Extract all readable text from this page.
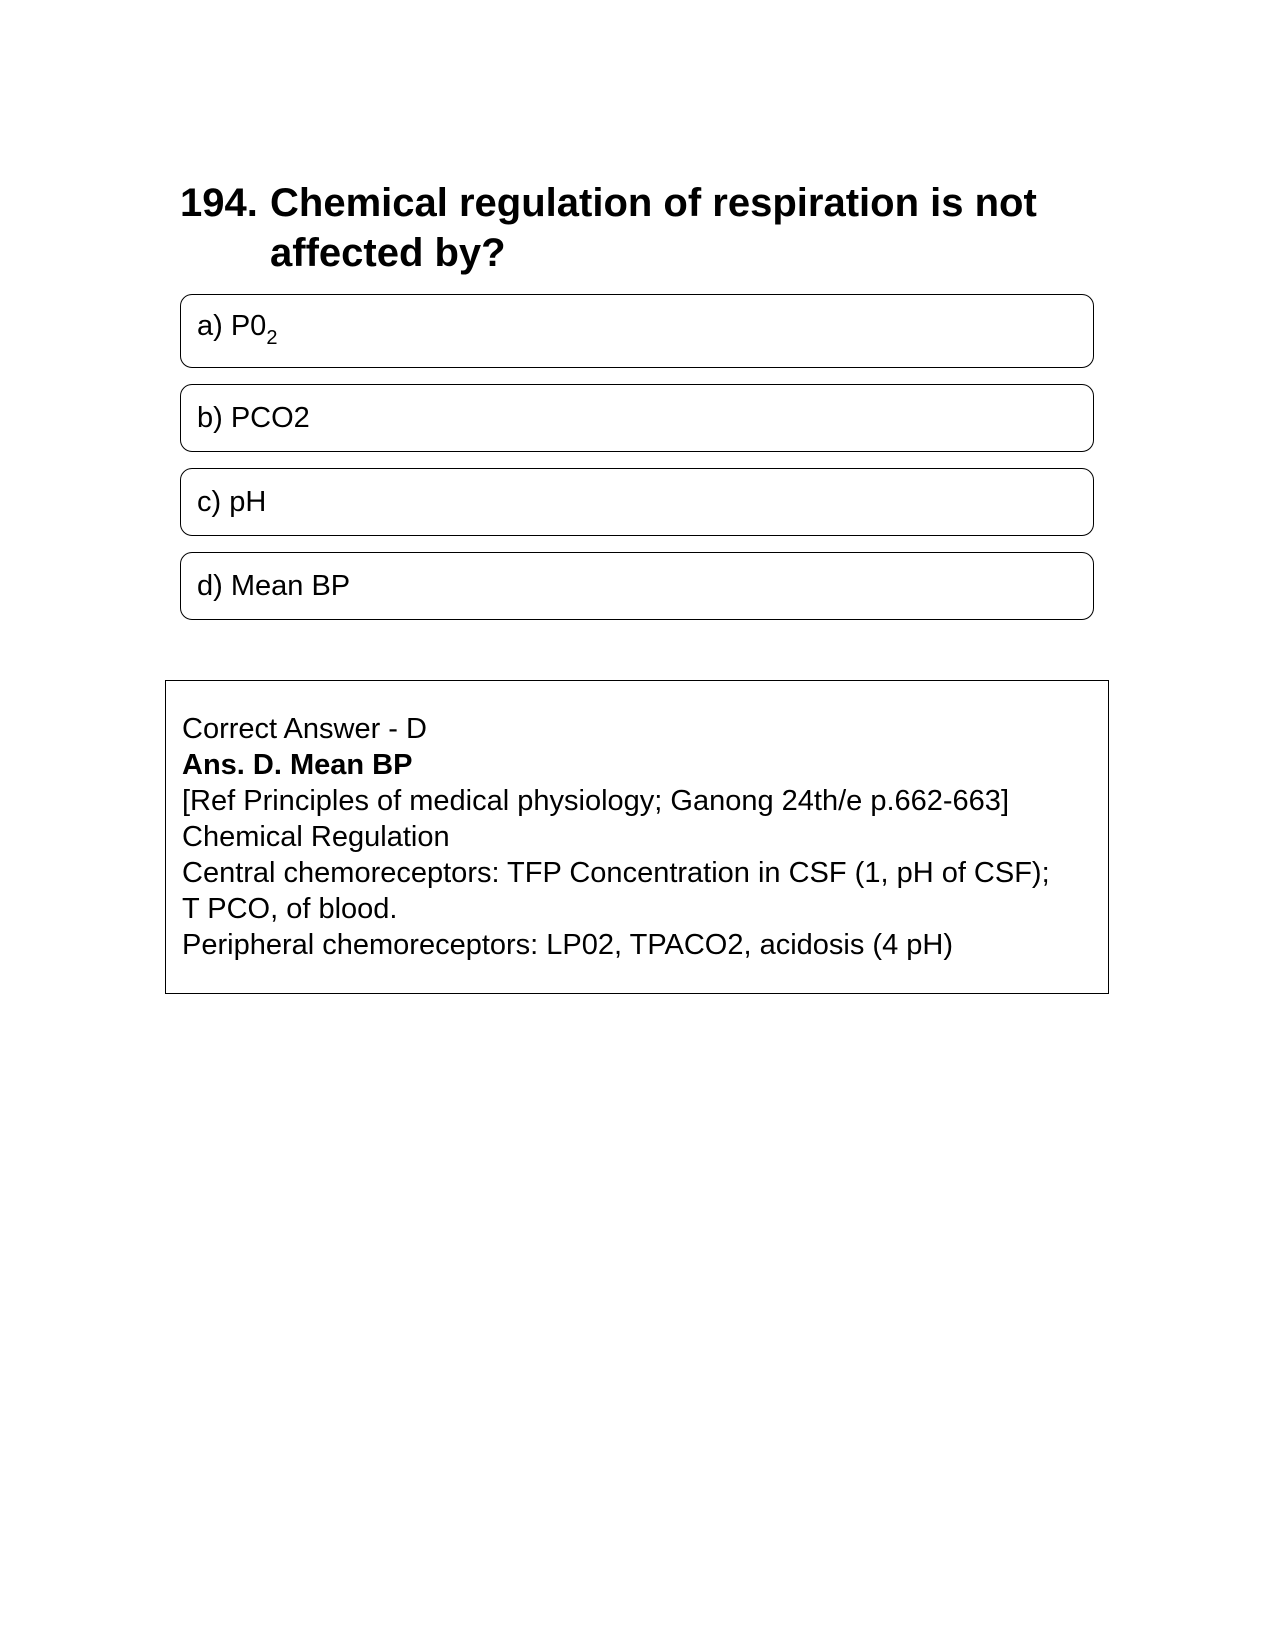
194. Chemical regulation of respiration is not affected by?
a) $P0_2$
b) PCO2
c) pH
d) Mean BP
Correct Answer - D
Ans. D. Mean BP
[Ref Principles of medical physiology; Ganong 24th/e p.662-663]
Chemical Regulation
Central chemoreceptors: TFP Concentration in CSF (1, pH of CSF);
T PCO, of blood.
Peripheral chemoreceptors: LP02, TPACO2, acidosis (4 pH)
